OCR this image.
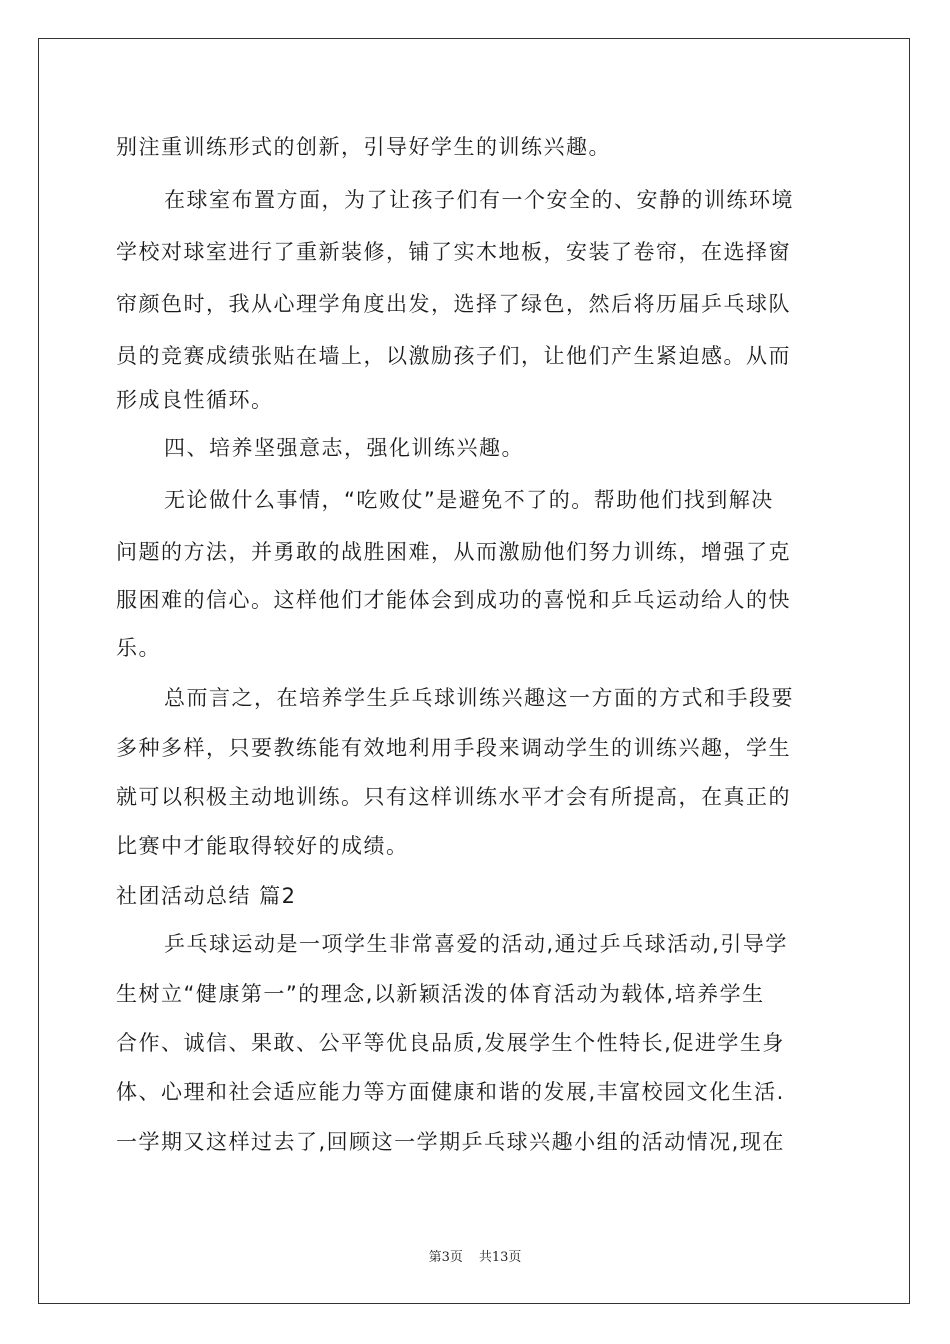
别注重训练形式的创新，引导好学生的训练兴趣。
在球室布置方面，为了让孩子们有一个安全的、安静的训练环境
学校对球室进行了重新装修，铺了实木地板，安装了卷帘，在选择窗
帘颜色时，我从心理学角度出发，选择了绿色，然后将历届乒乓球队
员的竞赛成绩张贴在墙上，以激励孩子们，让他们产生紧迫感。从而
形成良性循环。
四、培养坚强意志，强化训练兴趣。
无论做什么事情，“吃败仗”是避免不了的。帮助他们找到解决
问题的方法，并勇敢的战胜困难，从而激励他们努力训练，增强了克
服困难的信心。这样他们才能体会到成功的喜悦和乒乓运动给人的快
乐。
总而言之，在培养学生乒乓球训练兴趣这一方面的方式和手段要
多种多样，只要教练能有效地利用手段来调动学生的训练兴趣，学生
就可以积极主动地训练。只有这样训练水平才会有所提高，在真正的
比赛中才能取得较好的成绩。
社团活动总结 篇2
乒乓球运动是一项学生非常喜爱的活动,通过乒乓球活动,引导学
生树立“健康第一”的理念,以新颖活泼的体育活动为载体,培养学生
合作、诚信、果敢、公平等优良品质,发展学生个性特长,促进学生身
体、心理和社会适应能力等方面健康和谐的发展,丰富校园文化生活.
一学期又这样过去了,回顾这一学期乒乓球兴趣小组的活动情况,现在
第3页 共13页
